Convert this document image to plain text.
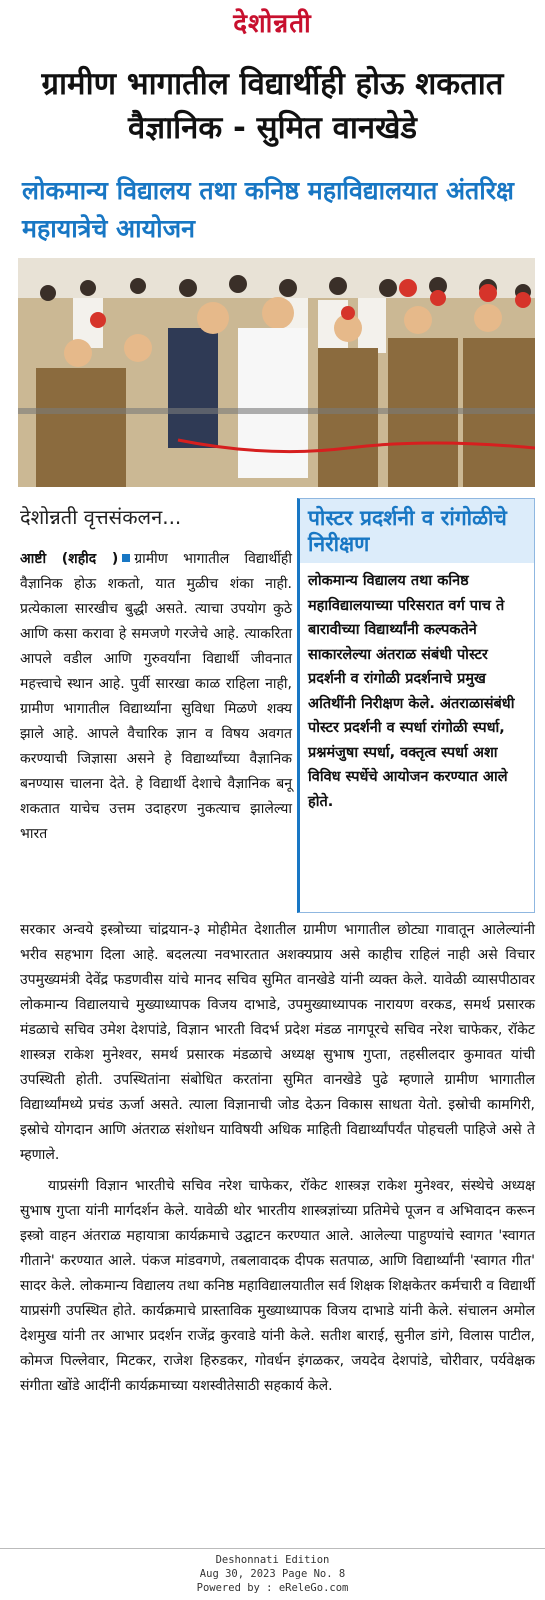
देशोन्नती
ग्रामीण भागातील विद्यार्थीही होऊ शकतात वैज्ञानिक - सुमित वानखेडे
लोकमान्य विद्यालय तथा कनिष्ठ महाविद्यालयात अंतरिक्ष महायात्रेचे आयोजन
देशोन्नती वृत्तसंकलन...	पोस्टर प्रदर्शनी व रांगोळीचे निरीक्षण
लोकमान्य विद्यालय तथा कनिष्ठ महाविद्यालयाच्या परिसरात वर्ग पाच ते बारावीच्या विद्यार्थ्यांनी कल्पकतेने साकारलेल्या अंतराळ संबंधी पोस्टर प्रदर्शनी व रांगोळी प्रदर्शनाचे प्रमुख अतिथींनी निरीक्षण केले. अंतराळासंबंधी पोस्टर प्रदर्शनी व स्पर्धा रांगोळी स्पर्धा, प्रश्नमंजुषा स्पर्धा, वक्तृत्व स्पर्धा अशा विविध स्पर्धेचे आयोजन करण्यात आले होते.
आष्टी (शहीद ) ग्रामीण भागातील विद्यार्थीही वैज्ञानिक होऊ शकतो, यात मुळीच शंका नाही. प्रत्येकाला सारखीच बुद्धी असते. त्याचा उपयोग कुठे आणि कसा करावा हे समजणे गरजेचे आहे. त्याकरिता आपले वडील आणि गुरुवर्यांना विद्यार्थी जीवनात महत्त्वाचे स्थान आहे. पुर्वी सारखा काळ राहिला नाही, ग्रामीण भागातील विद्यार्थ्यांना सुविधा मिळणे शक्य झाले आहे. आपले वैचारिक ज्ञान व विषय अवगत करण्याची जिज्ञासा असने हे विद्यार्थ्यांच्या वैज्ञानिक बनण्यास चालना देते. हे विद्यार्थी देशाचे वैज्ञानिक बनू शकतात याचेच उत्तम उदाहरण नुकत्याच झालेल्या भारत

सरकार अन्वये इस्त्रोच्या चांद्रयान-३ मोहीमेत देशातील ग्रामीण भागातील छोट्या गावातून आलेल्यांनी भरीव सहभाग दिला आहे. बदलत्या नवभारतात अशक्यप्राय असे काहीच राहिलं नाही असे विचार उपमुख्यमंत्री देवेंद्र फडणवीस यांचे मानद सचिव सुमित वानखेडे यांनी व्यक्त केले. यावेळी व्यासपीठावर लोकमान्य विद्यालयाचे मुख्याध्यापक विजय दाभाडे, उपमुख्याध्यापक नारायण वरकड, समर्थ प्रसारक मंडळाचे सचिव उमेश देशपांडे, विज्ञान भारती विदर्भ प्रदेश मंडळ नागपूरचे सचिव नरेश चाफेकर, रॉकेट शास्त्रज्ञ राकेश मुनेश्वर, समर्थ प्रसारक मंडळाचे अध्यक्ष सुभाष गुप्ता, तहसीलदार कुमावत यांची उपस्थिती होती. उपस्थितांना संबोधित करतांना सुमित वानखेडे पुढे म्हणाले ग्रामीण भागातील विद्यार्थ्यांमध्ये प्रचंड ऊर्जा असते. त्याला विज्ञानाची जोड देऊन विकास साधता येतो. इस्रोची कामगिरी, इस्रोचे योगदान आणि अंतराळ संशोधन याविषयी अधिक माहिती विद्यार्थ्यांपर्यंत पोहचली पाहिजे असे ते म्हणाले.

याप्रसंगी विज्ञान भारतीचे सचिव नरेश चाफेकर, रॉकेट शास्त्रज्ञ राकेश मुनेश्वर, संस्थेचे अध्यक्ष सुभाष गुप्ता यांनी मार्गदर्शन केले. यावेळी थोर भारतीय शास्त्रज्ञांच्या प्रतिमेचे पूजन व अभिवादन करून इस्त्रो वाहन अंतराळ महायात्रा कार्यक्रमाचे उद्घाटन करण्यात आले. आलेल्या पाहुण्यांचे स्वागत 'स्वागत गीताने' करण्यात आले. पंकज मांडवगणे, तबलावादक दीपक सतपाळ, आणि विद्यार्थ्यांनी 'स्वागत गीत' सादर केले. लोकमान्य विद्यालय तथा कनिष्ठ महाविद्यालयातील सर्व शिक्षक शिक्षकेतर कर्मचारी व विद्यार्थी याप्रसंगी उपस्थित होते. कार्यक्रमाचे प्रास्ताविक मुख्याध्यापक विजय दाभाडे यांनी केले. संचालन अमोल देशमुख यांनी तर आभार प्रदर्शन राजेंद्र कुरवाडे यांनी केले. सतीश बाराई, सुनील डांगे, विलास पाटील, कोमज पिल्लेवार, मिटकर, राजेश हिरुडकर, गोवर्धन इंगळकर, जयदेव देशपांडे, चोरीवार, पर्यवेक्षक संगीता खोंडे आदींनी कार्यक्रमाच्या यशस्वीतेसाठी सहकार्य केले.

Deshonnati Edition
Aug 30, 2023 Page No. 8
Powered by : eReleGo.com
